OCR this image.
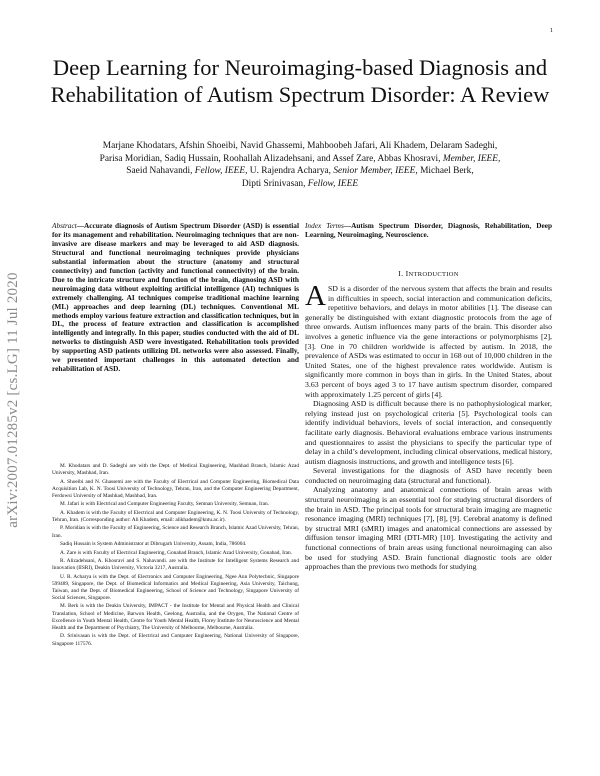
1
arXiv:2007.01285v2 [cs.LG] 11 Jul 2020
Deep Learning for Neuroimaging-based Diagnosis and Rehabilitation of Autism Spectrum Disorder: A Review
Marjane Khodatars, Afshin Shoeibi, Navid Ghassemi, Mahboobeh Jafari, Ali Khadem, Delaram Sadeghi,
Parisa Moridian, Sadiq Hussain, Roohallah Alizadehsani, and Assef Zare, Abbas Khosravi, Member, IEEE,
Saeid Nahavandi, Fellow, IEEE, U. Rajendra Acharya, Senior Member, IEEE, Michael Berk,
Dipti Srinivasan, Fellow, IEEE
Abstract—Accurate diagnosis of Autism Spectrum Disorder (ASD) is essential for its management and rehabilitation. Neuroimaging techniques that are non-invasive are disease markers and may be leveraged to aid ASD diagnosis. Structural and functional neuroimaging techniques provide physicians substantial information about the structure (anatomy and structural connectivity) and function (activity and functional connectivity) of the brain. Due to the intricate structure and function of the brain, diagnosing ASD with neuroimaging data without exploiting artificial intelligence (AI) techniques is extremely challenging. AI techniques comprise traditional machine learning (ML) approaches and deep learning (DL) techniques. Conventional ML methods employ various feature extraction and classification techniques, but in DL, the process of feature extraction and classification is accomplished intelligently and integrally. In this paper, studies conducted with the aid of DL networks to distinguish ASD were investigated. Rehabilitation tools provided by supporting ASD patients utilizing DL networks were also assessed. Finally, we presented important challenges in this automated detection and rehabilitation of ASD.

M. Khodatars and D. Sadeghi are with the Dept. of Medical Engineering, Mashhad Branch, Islamic Azad University, Mashhad, Iran.

A. Shoeibi and N. Ghassemi are with the Faculty of Electrical and Computer Engineering, Biomedical Data Acquisition Lab, K. N. Toosi University of Technology, Tehran, Iran, and the Computer Engineering Department, Ferdowsi University of Mashhad, Mashhad, Iran.

M. Jafari is with Electrical and Computer Engineering Faculty, Semnan University, Semnan, Iran.

A. Khadem is with the Faculty of Electrical and Computer Engineering, K. N. Toosi University of Technology, Tehran, Iran. (Corresponding author: Ali Khadem, email: alikhadem@kntu.ac.ir).

P. Moridian is with the Faculty of Engineering, Science and Research Branch, Islamic Azad University, Tehran, Iran.

Sadiq Hussain is System Administrator at Dibrugarh University, Assam, India, 786004.

A. Zare is with Faculty of Electrical Engineering, Gonabad Branch, Islamic Azad University, Gonabad, Iran.

R. Alizadehsani, A. Khosravi and S. Nahavandi. are with the Institute for Intelligent Systems Research and Innovation (IISRI), Deakin University, Victoria 3217, Australia.

U. R. Acharya is with the Dept. of Electronics and Computer Engineering, Ngee Ann Polytechnic, Singapore 599489, Singapore, the Dept. of Biomedical Informatics and Medical Engineering, Asia University, Taichung, Taiwan, and the Dept. of Biomedical Engineering, School of Science and Technology, Singapore University of Social Sciences, Singapore.

M. Berk is with the Deakin University, IMPACT - the Institute for Mental and Physical Health and Clinical Translation, School of Medicine, Barwon Health, Geelong, Australia, and the Orygen, The National Centre of Excellence in Youth Mental Health, Centre for Youth Mental Health, Florey Institute for Neuroscience and Mental Health and the Department of Psychiatry, The University of Melbourne, Melbourne, Australia.

D. Srinivasan is with the Dept. of Electrical and Computer Engineering, National University of Singapore, Singapore 117576.

Index Terms—Autism Spectrum Disorder, Diagnosis, Rehabilitation, Deep Learning, Neuroimaging, Neuroscience.
I. INTRODUCTION

ASD is a disorder of the nervous system that affects the brain and results in difficulties in speech, social interaction and communication deficits, repetitive behaviors, and delays in motor abilities [1]. The disease can generally be distinguished with extant diagnostic protocols from the age of three onwards. Autism influences many parts of the brain. This disorder also involves a genetic influence via the gene interactions or polymorphisms [2], [3]. One in 70 children worldwide is affected by autism. In 2018, the prevalence of ASDs was estimated to occur in 168 out of 10,000 children in the United States, one of the highest prevalence rates worldwide. Autism is significantly more common in boys than in girls. In the United States, about 3.63 percent of boys aged 3 to 17 have autism spectrum disorder, compared with approximately 1.25 percent of girls [4].

Diagnosing ASD is difficult because there is no pathophysiological marker, relying instead just on psychological criteria [5]. Psychological tools can identify individual behaviors, levels of social interaction, and consequently facilitate early diagnosis. Behavioral evaluations embrace various instruments and questionnaires to assist the physicians to specify the particular type of delay in a child’s development, including clinical observations, medical history, autism diagnosis instructions, and growth and intelligence tests [6].

Several investigations for the diagnosis of ASD have recently been conducted on neuroimaging data (structural and functional).

Analyzing anatomy and anatomical connections of brain areas with structural neuroimaging is an essential tool for studying structural disorders of the brain in ASD. The principal tools for structural brain imaging are magnetic resonance imaging (MRI) techniques [7], [8], [9]. Cerebral anatomy is defined by structral MRI (sMRI) images and anatomical connections are assessed by diffusion tensor imaging MRI (DTI-MR) [10]. Investigating the activity and functional connections of brain areas using functional neuroimaging can also be used for studying ASD. Brain functional diagnostic tools are older approaches than the previous two methods for studying
